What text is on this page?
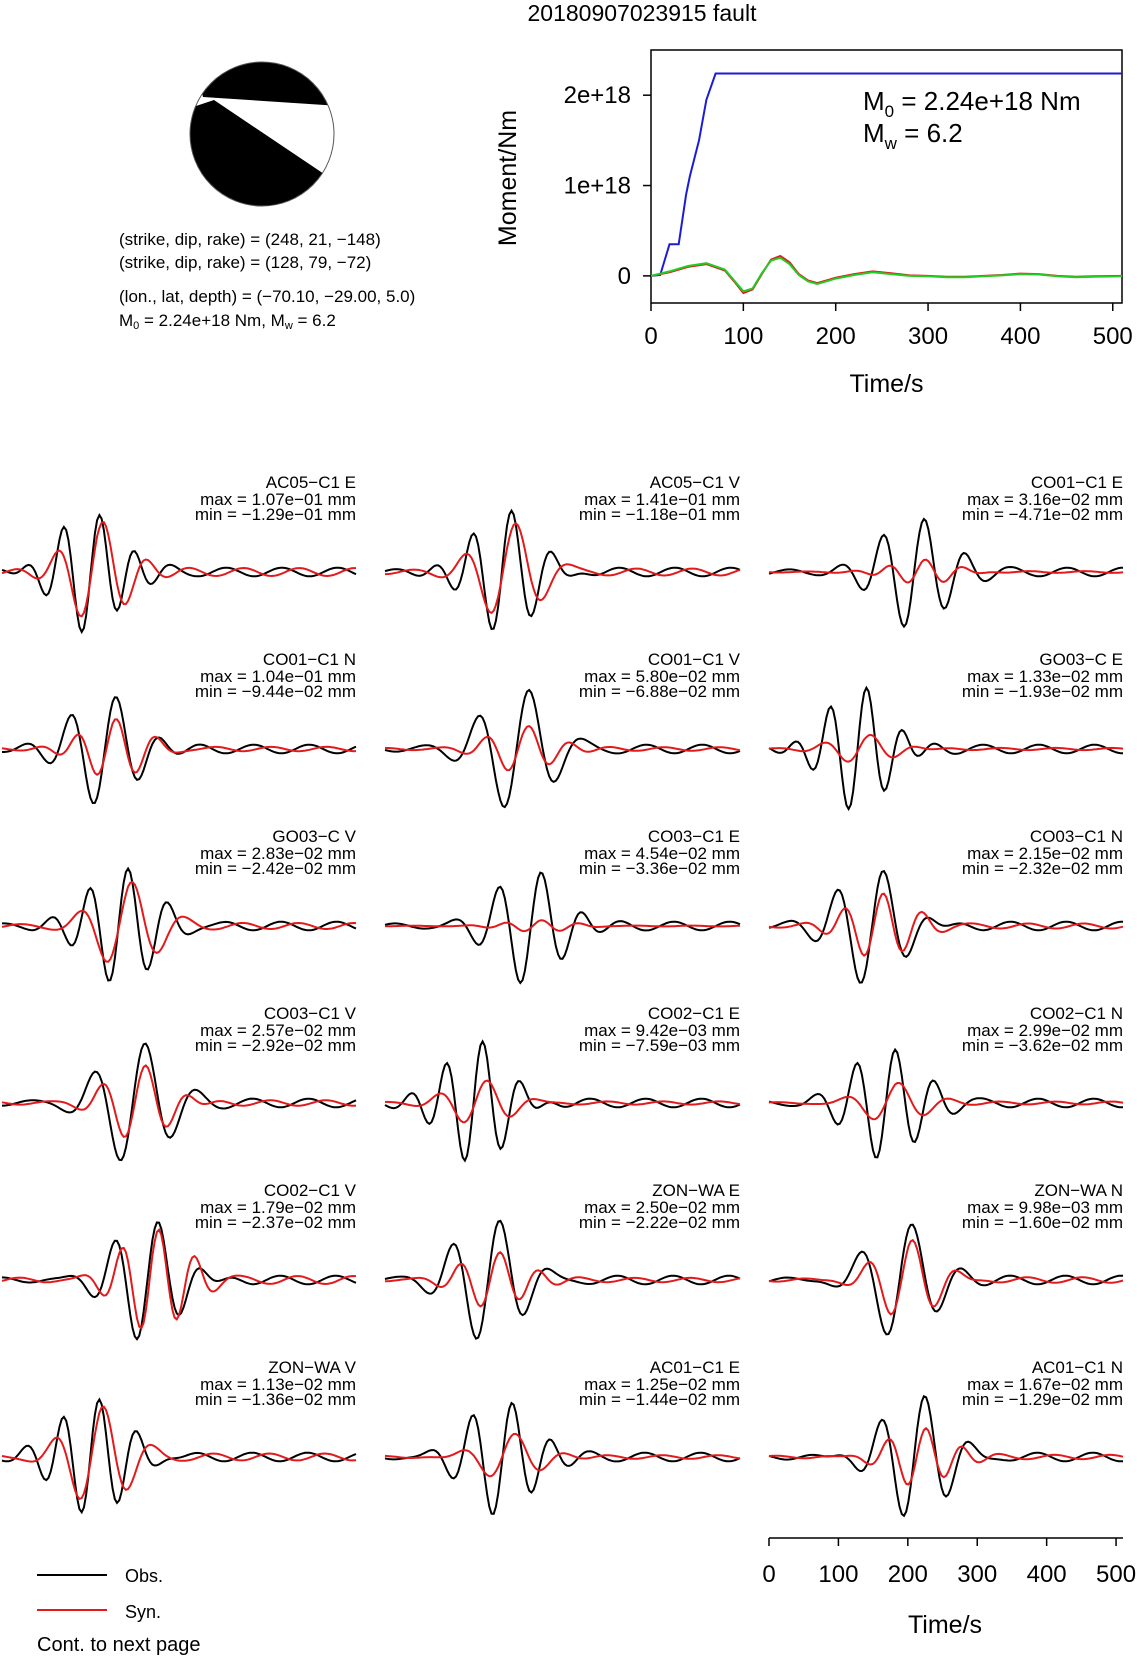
20180907023915 fault
0	100 200 300 400 500
0
1e+18
2e+18
Time/s
Moment/Nm
$M_0 = 2.24e+18$ Nm
$M_w = 6.2$
AC05−C1 E
max = 1.07e−01 mm
min = −1.29e−01 mm
AC05−C1 V
max = 1.41e−01 mm
min = −1.18e−01 mm
CO01−C1 E
max = 3.16e−02 mm
min = −4.71e−02 mm
CO01−C1 N
max = 1.04e−01 mm
min = −9.44e−02 mm
CO01−C1 V
max = 5.80e−02 mm
min = −6.88e−02 mm
GO03−C E
max = 1.33e−02 mm
min = −1.93e−02 mm
GO03−C V
max = 2.83e−02 mm
min = −2.42e−02 mm
CO03−C1 E
max = 4.54e−02 mm
min = −3.36e−02 mm
CO03−C1 N
max = 2.15e−02 mm
min = −2.32e−02 mm
CO03−C1 V
max = 2.57e−02 mm
min = −2.92e−02 mm
CO02−C1 E
max = 9.42e−03 mm
min = −7.59e−03 mm
CO02−C1 N
max = 2.99e−02 mm
min = −3.62e−02 mm
CO02−C1 V
max = 1.79e−02 mm
min = −2.37e−02 mm
ZON−WA E
max = 2.50e−02 mm
min = −2.22e−02 mm
ZON−WA N
max = 9.98e−03 mm
min = −1.60e−02 mm
ZON−WA V
max = 1.13e−02 mm
min = −1.36e−02 mm
AC01−C1 E
max = 1.25e−02 mm
min = −1.44e−02 mm
AC01−C1 N
max = 1.67e−02 mm
min = −1.29e−02 mm
0 100 200 300 400 500
Time/s
Obs.
Syn.
(strike, dip, rake) = (248, 21, −148)
(strike, dip, rake) = (128, 79, −72)
(lon., lat, depth) = (−70.10, −29.00, 5.0)
$M_0 = 2.24e+18$ Nm, $M_w = 6.2$
Cont. to next page
